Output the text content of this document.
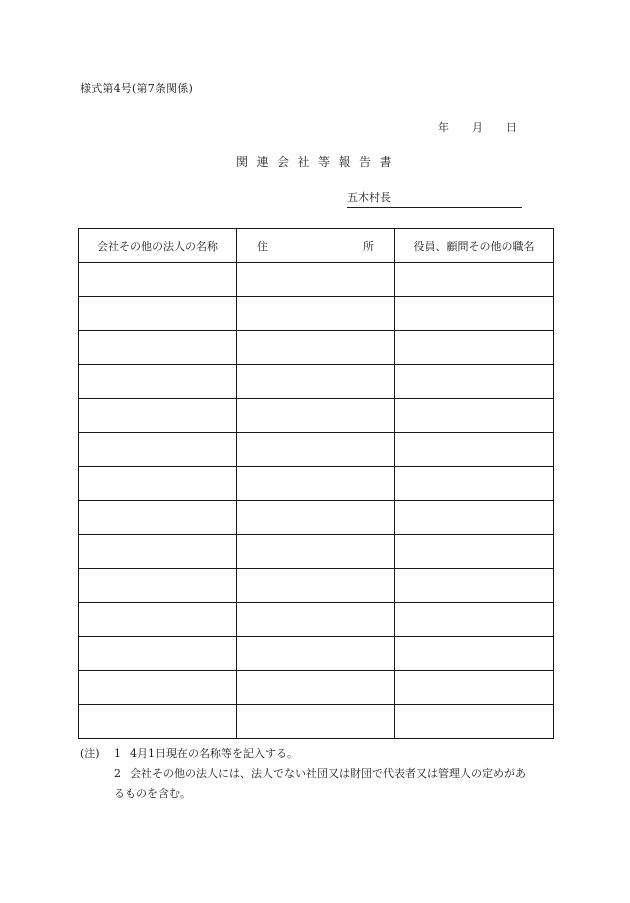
様式第4号(第7条関係)
年 月 日
関連会社等報告書
五木村長
会社その他の法人の名称	住 所	役員、顧問その他の職名

(注)	1 4月1日現在の名称等を記入する。
2 会社その他の法人には、法人でない社団又は財団で代表者又は管理人の定めがあ
るものを含む。
